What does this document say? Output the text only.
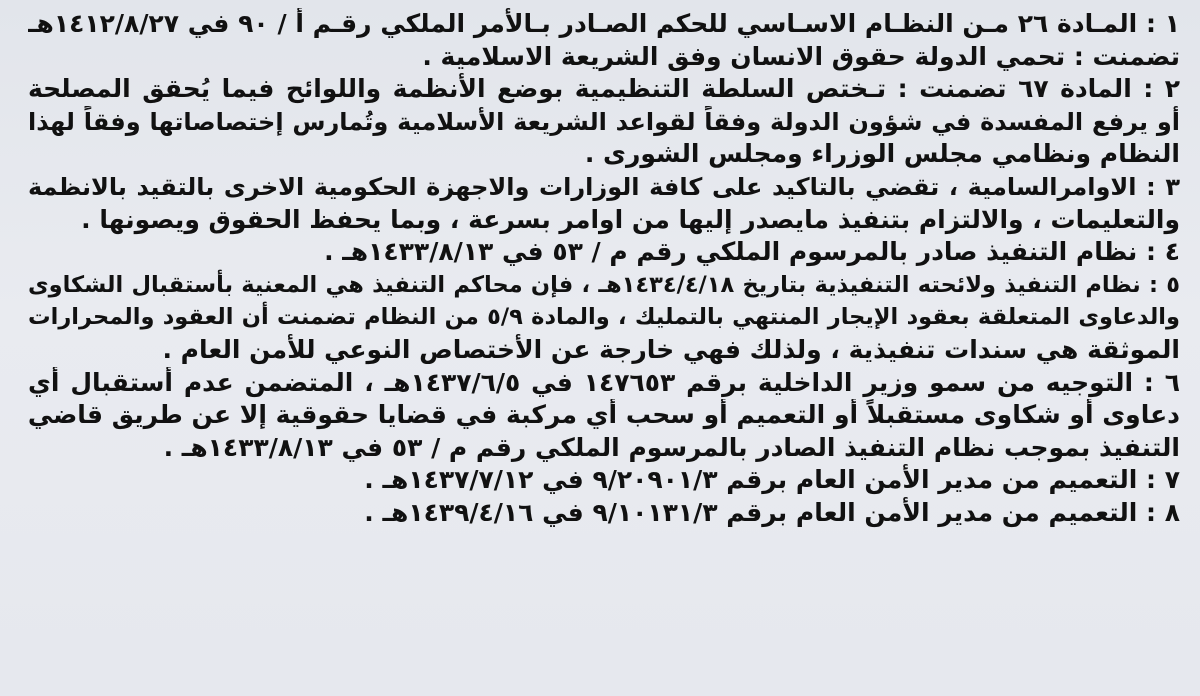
١ : المـادة ٢٦ مـن النظـام الاسـاسي للحكم الصـادر بـالأمر الملكي رقـم أ / ٩٠ في ١٤١٢/٨/٢٧هـ
تضمنت : تحمي الدولة حقوق الانسان وفق الشريعة الاسلامية .
٢ : المادة ٦٧ تضمنت : تـختص السلطة التنظيمية بوضع الأنظمة واللوائح فيما يُحقق المصلحة
أو يرفع المفسدة في شؤون الدولة وفقاً لقواعد الشريعة الأسلامية وتُمارس إختصاصاتها وفقاً لهذا
النظام ونظامي مجلس الوزراء ومجلس الشورى .
٣ : الاوامرالسامية ، تقضي بالتاكيد على كافة الوزارات والاجهزة الحكومية الاخرى بالتقيد بالانظمة
والتعليمات ، والالتزام بتنفيذ مايصدر إليها من اوامر بسرعة ، وبما يحفظ الحقوق ويصونها .
٤ : نظام التنفيذ صادر بالمرسوم الملكي رقم م / ٥٣ في ١٤٣٣/٨/١٣هـ .
٥ : نظام التنفيذ ولائحته التنفيذية بتاريخ ١٤٣٤/٤/١٨هـ ، فإن محاكم التنفيذ هي المعنية بأستقبال الشكاوى
والدعاوى المتعلقة بعقود الإيجار المنتهي بالتمليك ، والمادة ٥/٩ من النظام تضمنت أن العقود والمحرارات
الموثقة هي سندات تنفيذية ، ولذلك فهي خارجة عن الأختصاص النوعي للأمن العام .
٦ : التوجيه من سمو وزير الداخلية برقم ١٤٧٦٥٣ في ١٤٣٧/٦/٥هـ ، المتضمن عدم أستقبال أي
دعاوى أو شكاوى مستقبلاً أو التعميم أو سحب أي مركبة في قضايا حقوقية إلا عن طريق قاضي
التنفيذ بموجب نظام التنفيذ الصادر بالمرسوم الملكي رقم م / ٥٣ في ١٤٣٣/٨/١٣هـ .
٧ : التعميم من مدير الأمن العام برقم ٩/٢٠٩٠١/٣ في ١٤٣٧/٧/١٢هـ .
٨ : التعميم من مدير الأمن العام برقم ٩/١٠١٣١/٣ في ١٤٣٩/٤/١٦هـ .
